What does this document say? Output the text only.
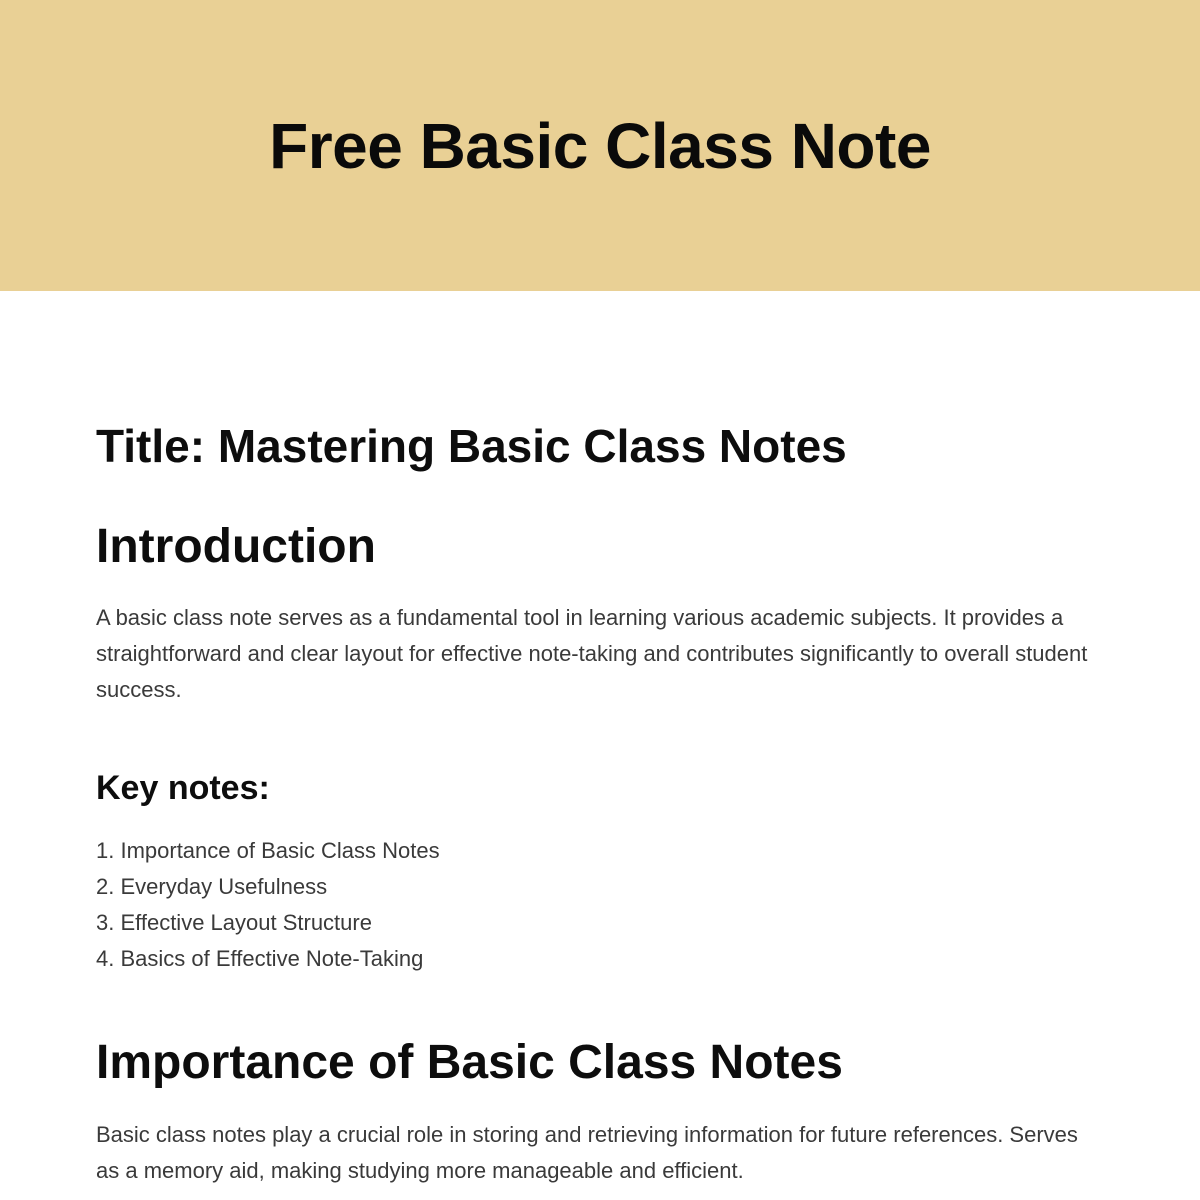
Free Basic Class Note
Title: Mastering Basic Class Notes
Introduction

A basic class note serves as a fundamental tool in learning various academic subjects. It provides a straightforward and clear layout for effective note-taking and contributes significantly to overall student success.

Key notes:
1. Importance of Basic Class Notes
2. Everyday Usefulness
3. Effective Layout Structure
4. Basics of Effective Note-Taking
Importance of Basic Class Notes

Basic class notes play a crucial role in storing and retrieving information for future references. Serves as a memory aid, making studying more manageable and efficient.
